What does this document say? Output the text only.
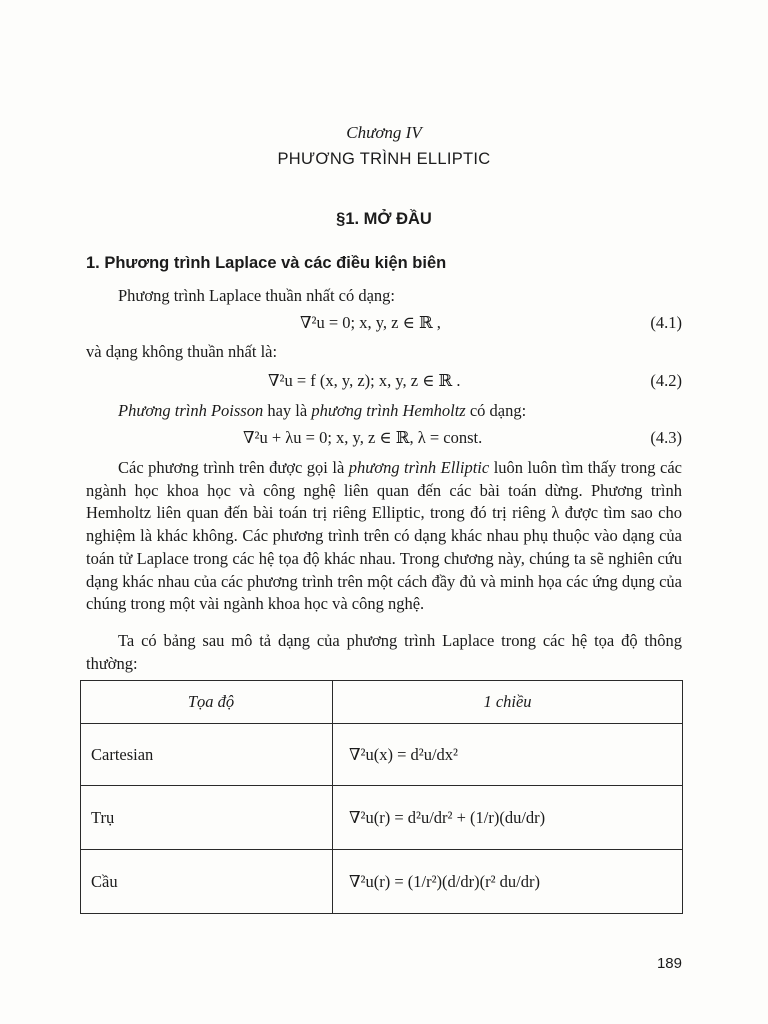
Chương IV
PHƯƠNG TRÌNH ELLIPTIC
§1. MỞ ĐẦU
1. Phương trình Laplace và các điều kiện biên
Phương trình Laplace thuần nhất có dạng:
∇²u = 0; x, y, z ∈ ℝ ,	(4.1)
và dạng không thuần nhất là:
∇²u = f (x, y, z); x, y, z ∈ ℝ .	(4.2)
Phương trình Poisson hay là phương trình Hemholtz có dạng:
∇²u + λu = 0; x, y, z ∈ ℝ, λ = const.	(4.3)
Các phương trình trên được gọi là phương trình Elliptic luôn luôn tìm thấy trong các ngành học khoa học và công nghệ liên quan đến các bài toán dừng. Phương trình Hemholtz liên quan đến bài toán trị riêng Elliptic, trong đó trị riêng λ được tìm sao cho nghiệm là khác không. Các phương trình trên có dạng khác nhau phụ thuộc vào dạng của toán tử Laplace trong các hệ tọa độ khác nhau. Trong chương này, chúng ta sẽ nghiên cứu dạng khác nhau của các phương trình trên một cách đầy đủ và minh họa các ứng dụng của chúng trong một vài ngành khoa học và công nghệ.
Ta có bảng sau mô tả dạng của phương trình Laplace trong các hệ tọa độ thông thường:
Tọa độ	1 chiều
Cartesian	∇²u(x) = d²u/dx²
Trụ	∇²u(r) = d²u/dr² + (1/r)(du/dr)
Cầu	∇²u(r) = (1/r²)(d/dr)(r² du/dr)
189
